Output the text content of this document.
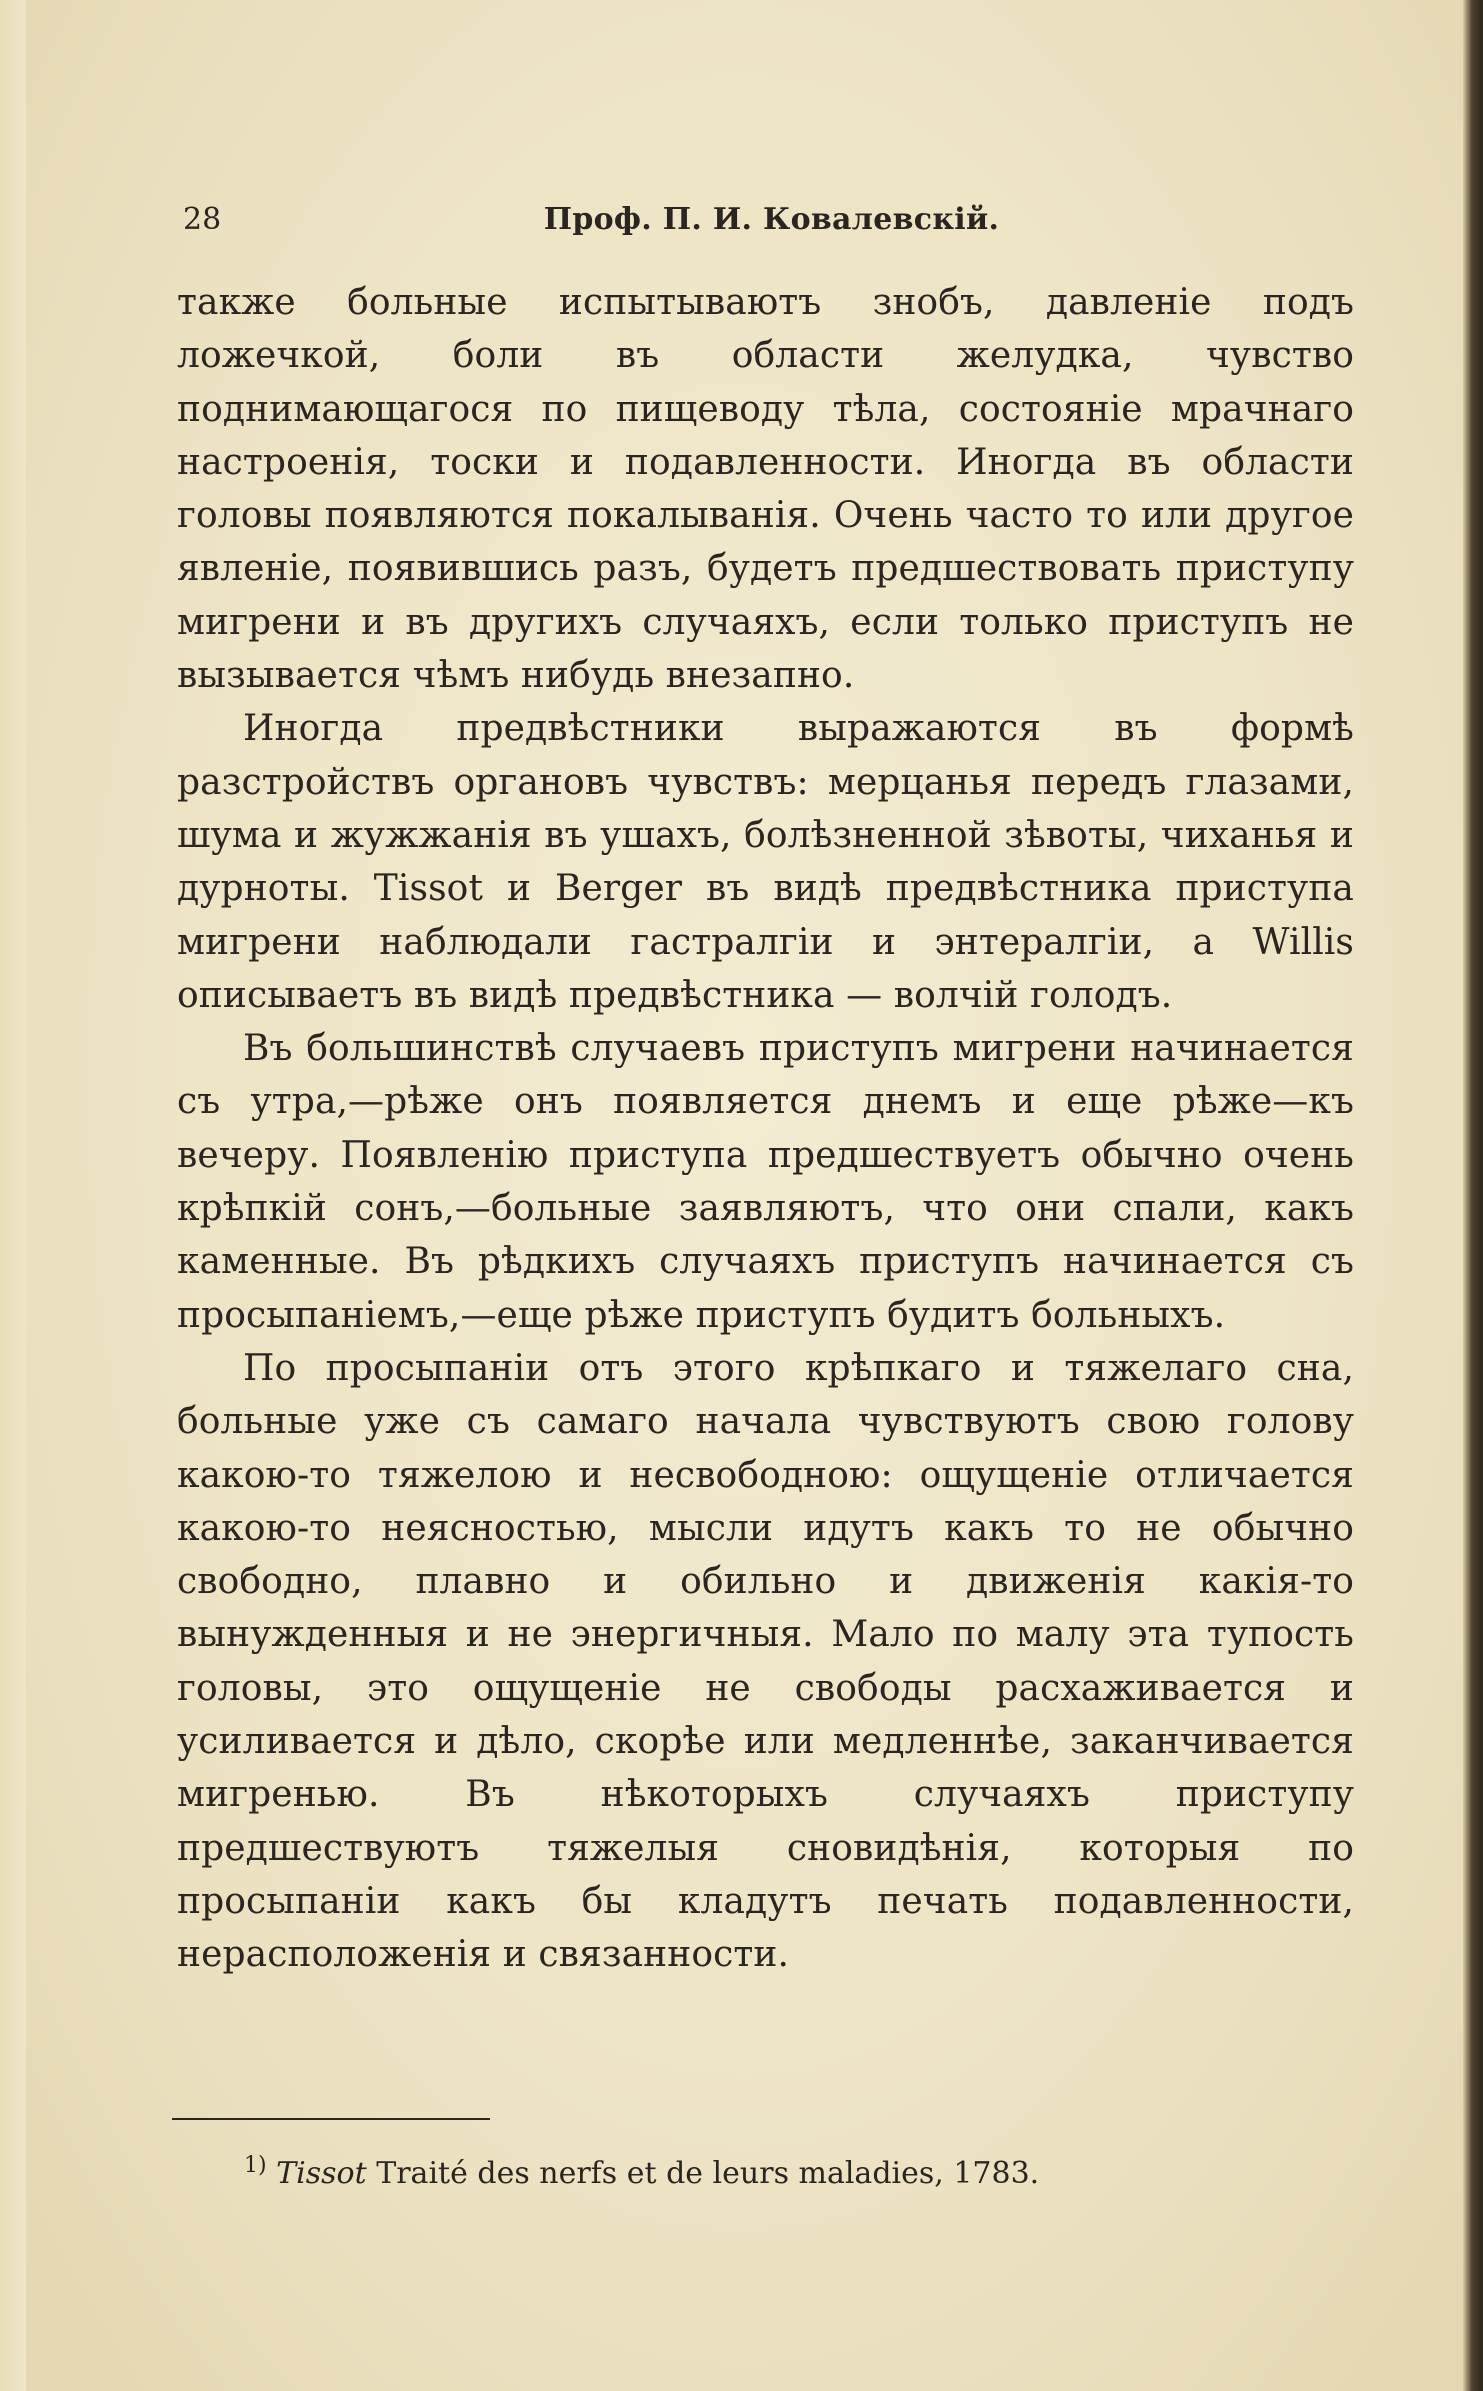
28	Проф. П. И. Ковалевскій.

также больные испытываютъ знобъ, давленіе подъ ложечкой, боли въ области желудка, чувство поднимающагося по пищеводу тѣла, состояніе мрачнаго настроенія, тоски и подавленности. Иногда въ области головы появляются покалыванія. Очень часто то или другое явленіе, появившись разъ, будетъ предшествовать приступу мигрени и въ другихъ случаяхъ, если только приступъ не вызывается чѣмъ нибудь внезапно.

Иногда предвѣстники выражаются въ формѣ разстройствъ органовъ чувствъ: мерцанья передъ глазами, шума и жужжанія въ ушахъ, болѣзненной зѣвоты, чиханья и дурноты. Tissot и Berger въ видѣ предвѣстника приступа мигрени наблюдали гастралгіи и энтералгіи, а Willis описываетъ въ видѣ предвѣстника — волчій голодъ.

Въ большинствѣ случаевъ приступъ мигрени начинается съ утра,—рѣже онъ появляется днемъ и еще рѣже—къ вечеру. Появленію приступа предшествуетъ обычно очень крѣпкій сонъ,—больные заявляютъ, что они спали, какъ каменные. Въ рѣдкихъ случаяхъ приступъ начинается съ просыпаніемъ,—еще рѣже приступъ будитъ больныхъ.

По просыпаніи отъ этого крѣпкаго и тяжелаго сна, больные уже съ самаго начала чувствуютъ свою голову какою-то тяжелою и несвободною: ощущеніе отличается какою-то неясностью, мысли идутъ какъ то не обычно свободно, плавно и обильно и движенія какія-то вынужденныя и не энергичныя. Мало по малу эта тупость головы, это ощущеніе не свободы расхаживается и усиливается и дѣло, скорѣе или медленнѣе, заканчивается мигренью. Въ нѣкоторыхъ случаяхъ приступу предшествуютъ тяжелыя сновидѣнія, которыя по просыпаніи какъ бы кладутъ печать подавленности, нерасположенія и связанности.

$^{1)}$ Tissot Traité des nerfs et de leurs maladies, 1783.
